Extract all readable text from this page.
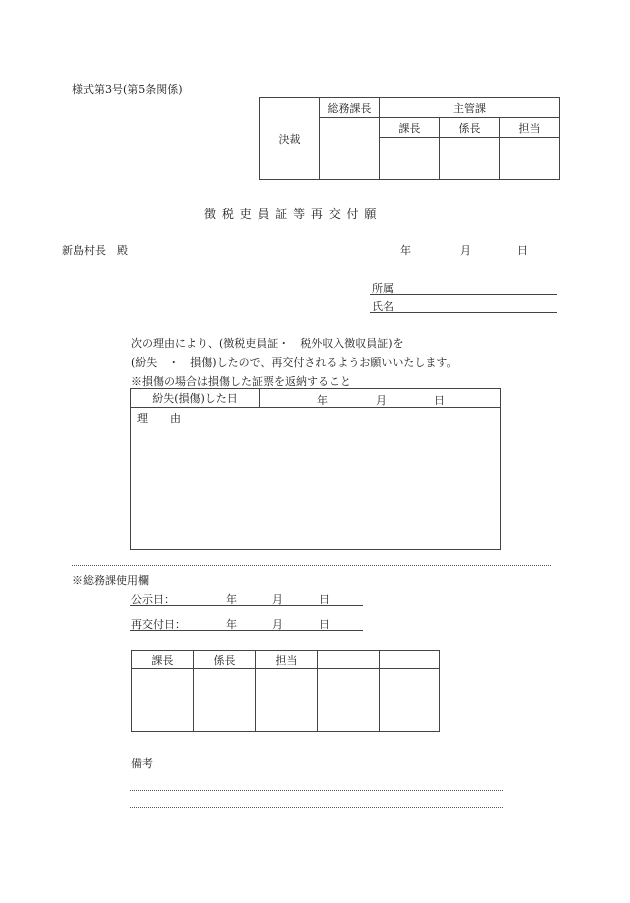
様式第3号(第5条関係)
決裁	総務課長	主管課		
		課長	係長	担当

徴 税 吏 員 証 等 再 交 付 願
新島村長　殿	年	月	日
所属
氏名
次の理由により、(徴税吏員証・　税外収入徴収員証)を
(紛失　・　損傷)したので、再交付されるようお願いいたします。
※損傷の場合は損傷した証票を返納すること
紛失(損傷)した日	年	月	日

理　　由
※総務課使用欄
公示日：	年	月	日
再交付日：	年	月	日
課長	係長	担当		

備考
